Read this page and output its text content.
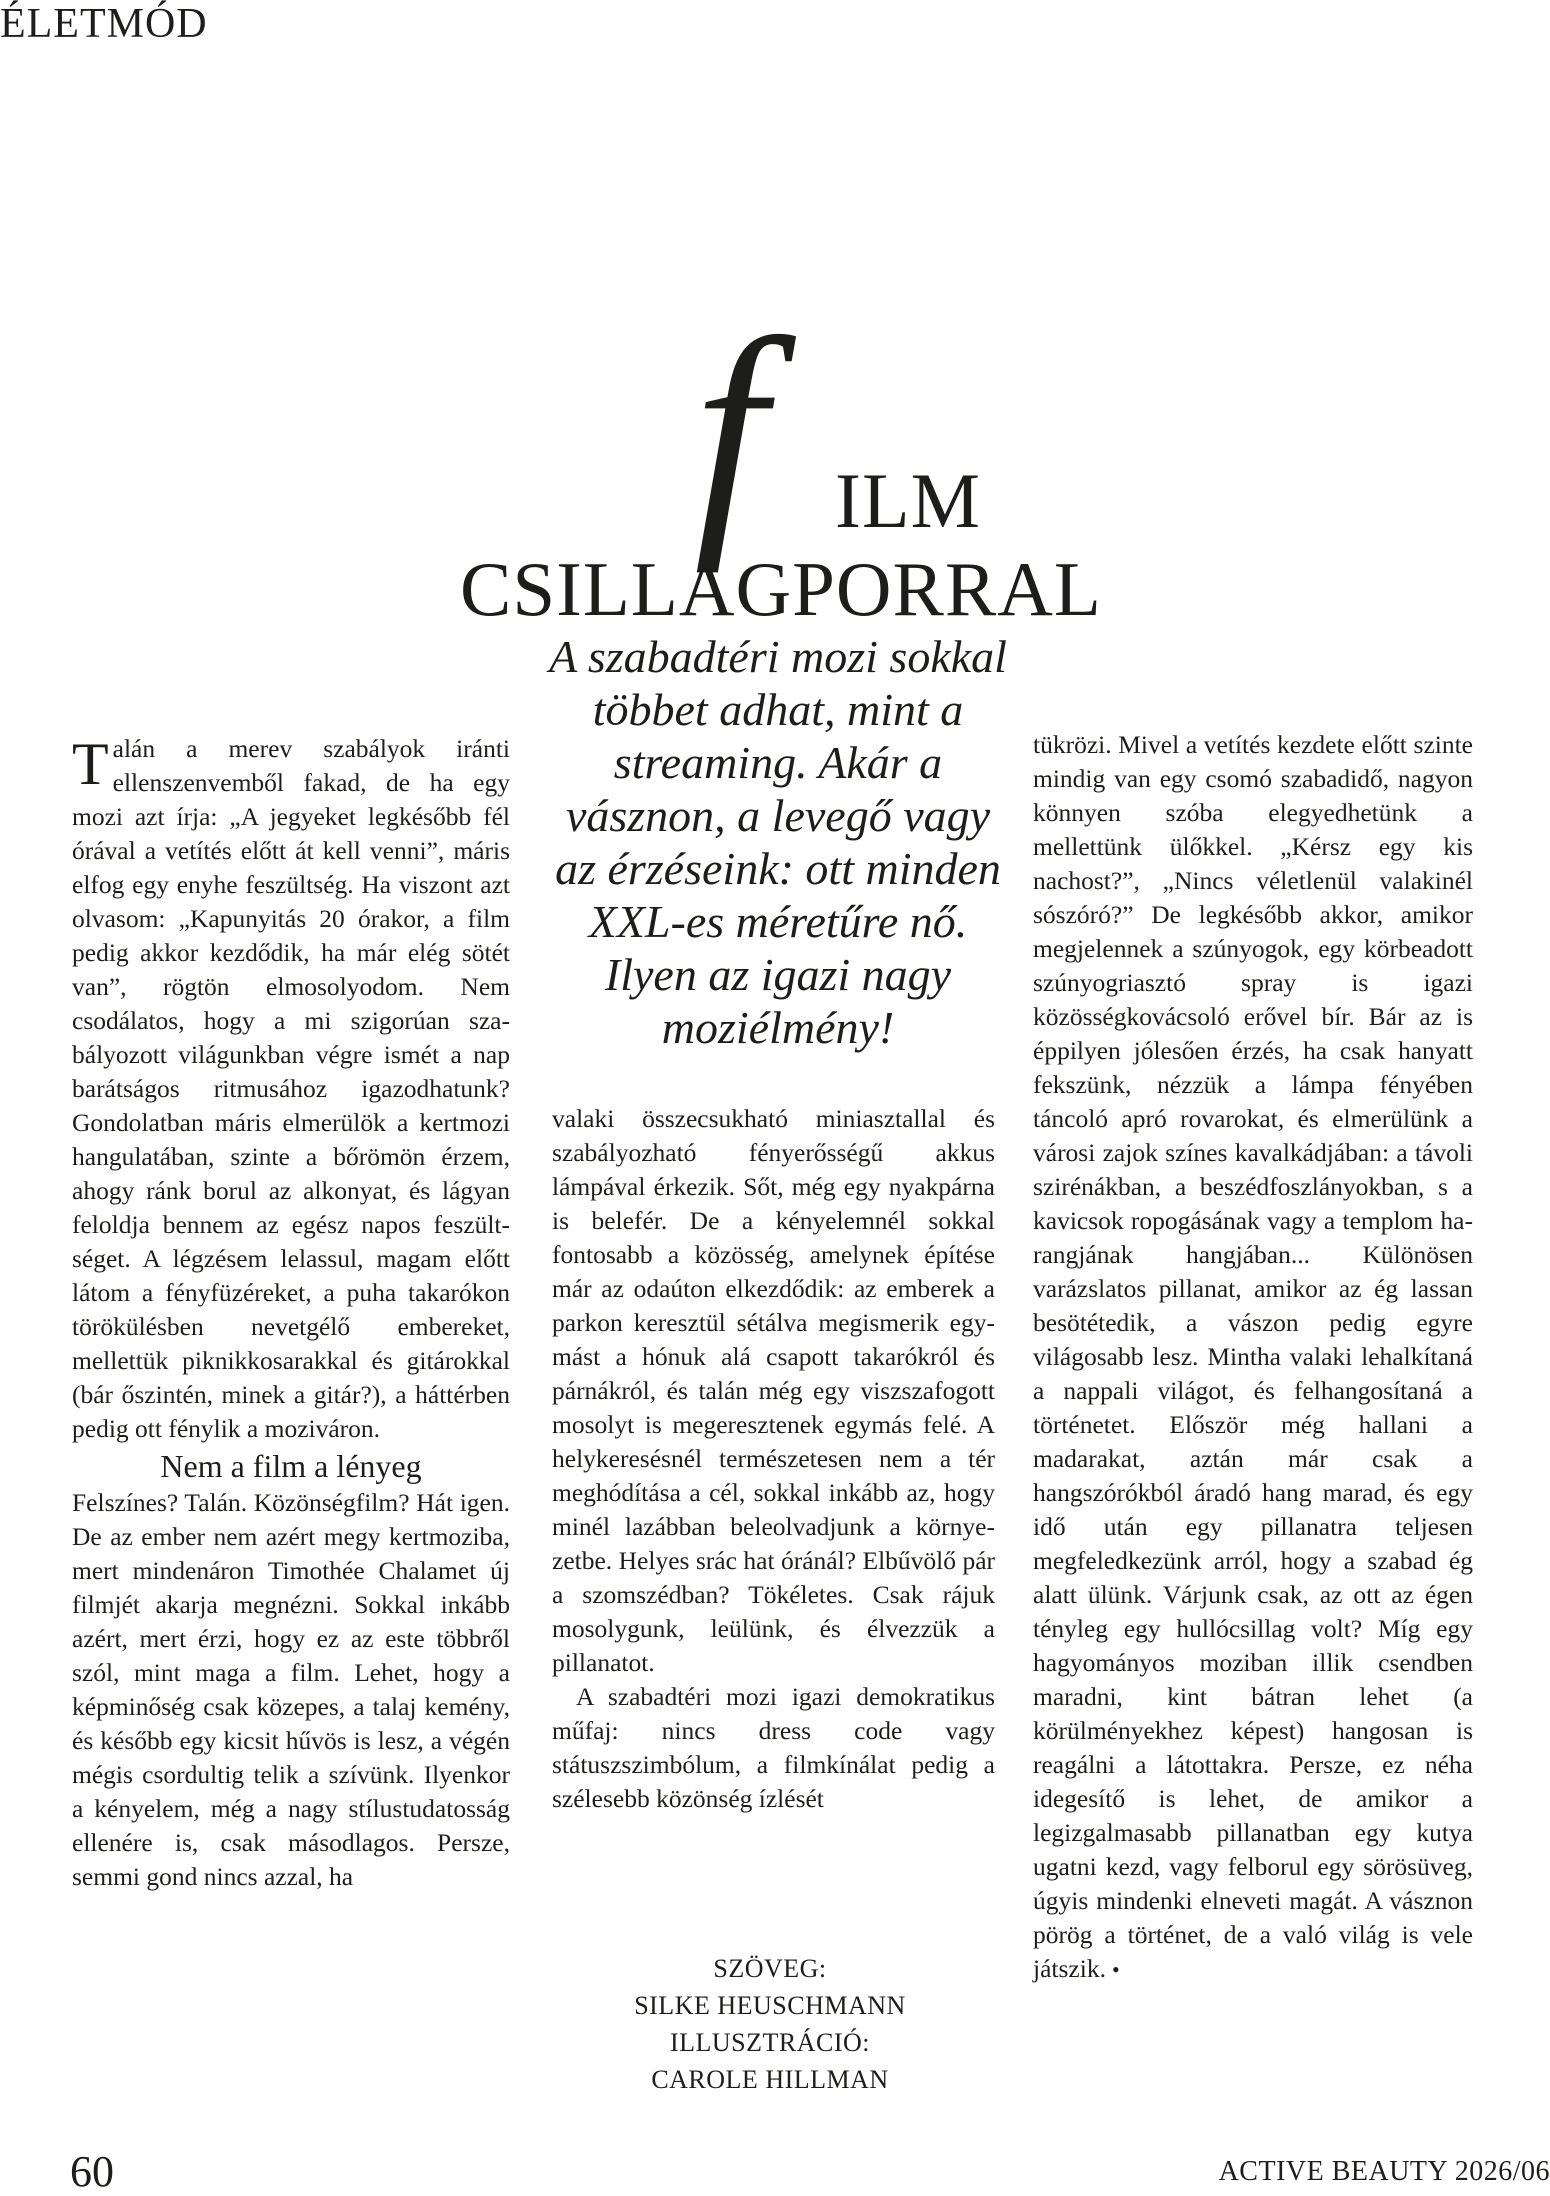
ÉLETMÓD
f ILM
CSILLAGPORRAL
A szabadtéri mozi sokkal többet adhat, mint a streaming. Akár a vásznon, a levegő vagy az érzéseink: ott minden XXL-es méretűre nő. Ilyen az igazi nagy moziélmény!

Talán a merev szabályok iránti ellenszenvemből fakad, de ha egy mozi azt írja: „A jegyeket legkésőbb fél órával a vetítés előtt át kell venni”, máris elfog egy enyhe feszültség. Ha viszont azt olvasom: „Kapunyitás 20 órakor, a film pedig akkor kezdődik, ha már elég sötét van”, rögtön elmosolyodom. Nem csodálatos, hogy a mi szigorúan szabályozott világunkban végre ismét a nap barátságos ritmusához igazodhatunk? Gondolatban máris elmerülök a kertmozi hangulatában, szinte a bőrömön érzem, ahogy ránk borul az alkonyat, és lágyan feloldja bennem az egész napos feszültséget. A légzésem lelassul, magam előtt látom a fényfüzéreket, a puha takarókon törökülésben nevetgélő embereket, mellettük piknikkosarakkal és gitárokkal (bár őszintén, minek a gitár?), a háttérben pedig ott fénylik a moziváron.

Nem a film a lényeg

Felszínes? Talán. Közönségfilm? Hát igen. De az ember nem azért megy kertmoziba, mert mindenáron Timothée Chalamet új filmjét akarja megnézni. Sokkal inkább azért, mert érzi, hogy ez az este többről szól, mint maga a film. Lehet, hogy a képminőség csak közepes, a talaj kemény, és később egy kicsit hűvös is lesz, a végén mégis csordultig telik a szívünk. Ilyenkor a kényelem, még a nagy stílustudatosság ellenére is, csak másodlagos. Persze, semmi gond nincs azzal, ha

valaki összecsukható miniasztallal és szabályozható fényerősségű akkus lámpával érkezik. Sőt, még egy nyakpárna is belefér. De a kényelemnél sokkal fontosabb a közösség, amelynek építése már az odaúton elkezdődik: az emberek a parkon keresztül sétálva megismerik egymást a hónuk alá csapott takarókról és párnákról, és talán még egy viszszafogott mosolyt is megeresztenek egymás felé. A helykeresésnél természetesen nem a tér meghódítása a cél, sokkal inkább az, hogy minél lazábban beleolvadjunk a környezetbe. Helyes srác hat óránál? Elbűvölő pár a szomszédban? Tökéletes. Csak rájuk mosolygunk, leülünk, és élvezzük a pillanatot.

A szabadtéri mozi igazi demokratikus műfaj: nincs dress code vagy státuszszimbólum, a filmkínálat pedig a szélesebb közönség ízlését

SZÖVEG:
SILKE HEUSCHMANN
ILLUSZTRÁCIÓ:
CAROLE HILLMAN

tükrözi. Mivel a vetítés kezdete előtt szinte mindig van egy csomó szabadidő, nagyon könnyen szóba elegyedhetünk a mellettünk ülőkkel. „Kérsz egy kis nachost?”, „Nincs véletlenül valakinél sószóró?” De legkésőbb akkor, amikor megjelennek a szúnyogok, egy körbeadott szúnyogriasztó spray is igazi közösségkovácsoló erővel bír. Bár az is éppilyen jólesően érzés, ha csak hanyatt fekszünk, nézzük a lámpa fényében táncoló apró rovarokat, és elmerülünk a városi zajok színes kavalkádjában: a távoli szirénákban, a beszédfoszlányokban, s a kavicsok ropogásának vagy a templom harangjának hangjában... Különösen varázslatos pillanat, amikor az ég lassan besötétedik, a vászon pedig egyre világosabb lesz. Mintha valaki lehalkítaná a nappali világot, és felhangosítaná a történetet. Először még hallani a madarakat, aztán már csak a hangszórókból áradó hang marad, és egy idő után egy pillanatra teljesen megfeledkezünk arról, hogy a szabad ég alatt ülünk. Várjunk csak, az ott az égen tényleg egy hullócsillag volt? Míg egy hagyományos moziban illik csendben maradni, kint bátran lehet (a körülményekhez képest) hangosan is reagálni a látottakra. Persze, ez néha idegesítő is lehet, de amikor a legizgalmasabb pillanatban egy kutya ugatni kezd, vagy felborul egy sörösüveg, úgyis mindenki elneveti magát. A vásznon pörög a történet, de a való világ is vele játszik. •

60	ACTIVE BEAUTY 2026/06
